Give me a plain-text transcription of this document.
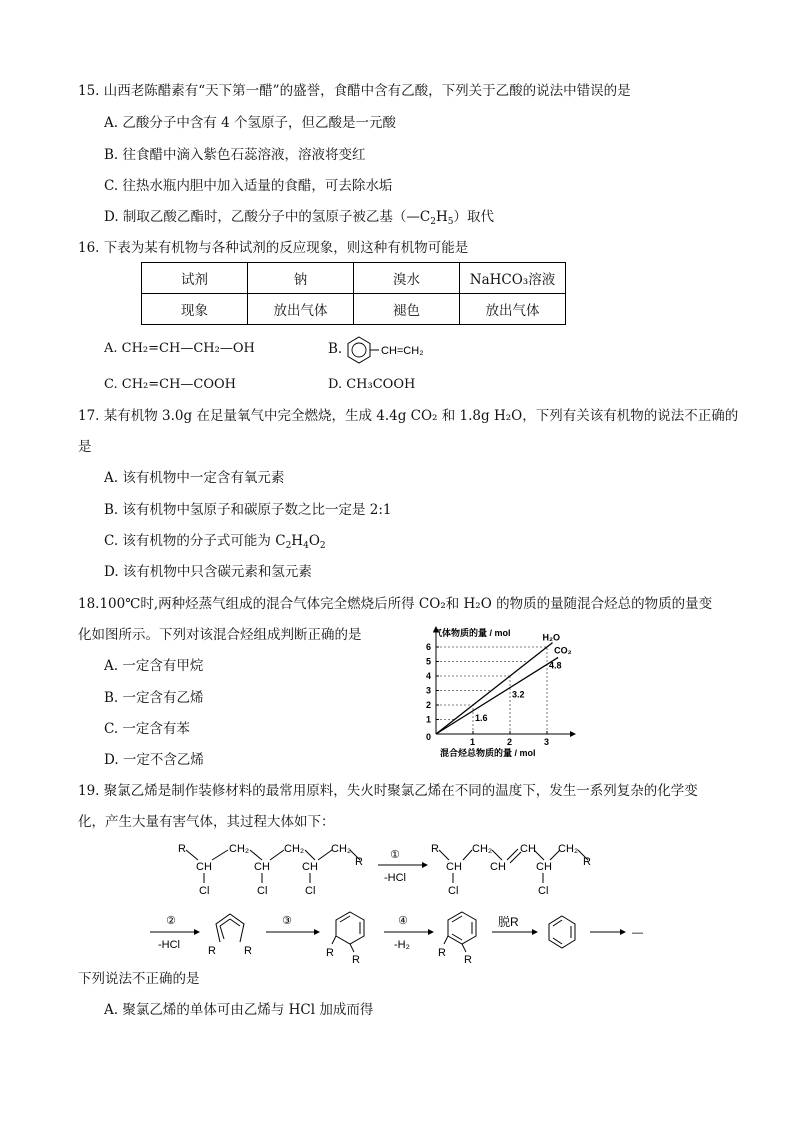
15. 山西老陈醋素有“天下第一醋”的盛誉，食醋中含有乙酸，下列关于乙酸的说法中错误的是
A. 乙酸分子中含有 4 个氢原子，但乙酸是一元酸
B. 往食醋中滴入紫色石蕊溶液，溶液将变红
C. 往热水瓶内胆中加入适量的食醋，可去除水垢
D. 制取乙酸乙酯时，乙酸分子中的氢原子被乙基$(—C_2H_5)$取代
16. 下表为某有机物与各种试剂的反应现象，则这种有机物可能是
试剂	钠	溴水	NaHCO₃溶液
现象	放出气体	褪色	放出气体
A. CH₂=CH—CH₂—OH	B.	CH=CH₂
C. CH₂=CH—COOH	D. CH₃COOH
17. 某有机物 3.0g 在足量氧气中完全燃烧，生成 4.4g CO₂ 和 1.8g H₂O，下列有关该有机物的说法不正确的
是
A. 该有机物中一定含有氧元素
B. 该有机物中氢原子和碳原子数之比一定是 2:1
C. 该有机物的分子式可能为 $C_2H_4O_2$
D. 该有机物中只含碳元素和氢元素
18.100℃时,两种烃蒸气组成的混合气体完全燃烧后所得 CO₂和 H₂O 的物质的量随混合烃总的物质的量变
化如图所示。下列对该混合烃组成判断正确的是
A. 一定含有甲烷
B. 一定含有乙烯
C. 一定含有苯
D. 一定不含乙烯
1
2
3
4
5
6
1	2	3
H₂O
CO₂
1.6
3.2
4.8
气体物质的量 / mol
混合烃总物质的量 / mol
0
19. 聚氯乙烯是制作装修材料的最常用原料，失火时聚氯乙烯在不同的温度下，发生一系列复杂的化学变
化，产生大量有害气体，其过程大体如下：
R
CH
CH₂
CH
CH₂
CH
CH₂
R
Cl	Cl	Cl
①
-HCl
R
CH
CH₂
CH
CH
CH
CH₂
R
Cl	Cl
②
-HCl	R	R
③
R
R
④
-H₂
R
R
脱R
—
下列说法不正确的是
A. 聚氯乙烯的单体可由乙烯与 HCl 加成而得
